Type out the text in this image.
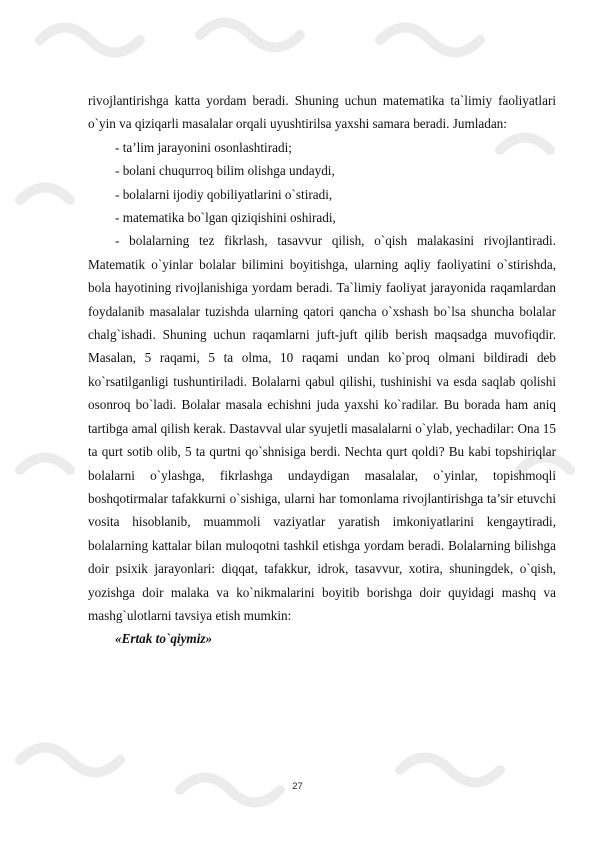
rivojlantirishga katta yordam beradi. Shuning uchun matematika ta`limiy faoliyatlari o`yin va qiziqarli masalalar orqali uyushtirilsa yaxshi samara beradi. Jumladan:

- ta’lim jarayonini osonlashtiradi;

- bolani chuqurroq bilim olishga undaydi,

- bolalarni ijodiy qobiliyatlarini o`stiradi,

- matematika bo`lgan qiziqishini oshiradi,

- bolalarning tez fikrlash, tasavvur qilish, o`qish malakasini rivojlantiradi. Matematik o`yinlar bolalar bilimini boyitishga, ularning aqliy faoliyatini o`stirishda, bola hayotining rivojlanishiga yordam beradi. Ta`limiy faoliyat jarayonida raqamlardan foydalanib masalalar tuzishda ularning qatori qancha o`xshash bo`lsa shuncha bolalar chalg`ishadi. Shuning uchun raqamlarni juft-juft qilib berish maqsadga muvofiqdir. Masalan, 5 raqami, 5 ta olma, 10 raqami undan ko`proq olmani bildiradi deb ko`rsatilganligi tushuntiriladi. Bolalarni qabul qilishi, tushinishi va esda saqlab qolishi osonroq bo`ladi. Bolalar masala echishni juda yaxshi ko`radilar. Bu borada ham aniq tartibga amal qilish kerak. Dastavval ular syujetli masalalarni o`ylab, yechadilar: Ona 15 ta qurt sotib olib, 5 ta qurtni qo`shnisiga berdi. Nechta qurt qoldi? Bu kabi topshiriqlar bolalarni o`ylashga, fikrlashga undaydigan masalalar, o`yinlar, topishmoqli boshqotirmalar tafakkurni o`sishiga, ularni har tomonlama rivojlantirishga ta’sir etuvchi vosita hisoblanib, muammoli vaziyatlar yaratish imkoniyatlarini kengaytiradi, bolalarning kattalar bilan muloqotni tashkil etishga yordam beradi. Bolalarning bilishga doir psixik jarayonlari: diqqat, tafakkur, idrok, tasavvur, xotira, shuningdek, o`qish, yozishga doir malaka va ko`nikmalarini boyitib borishga doir quyidagi mashq va mashg`ulotlarni tavsiya etish mumkin:

«Ertak to`qiymiz»

27
